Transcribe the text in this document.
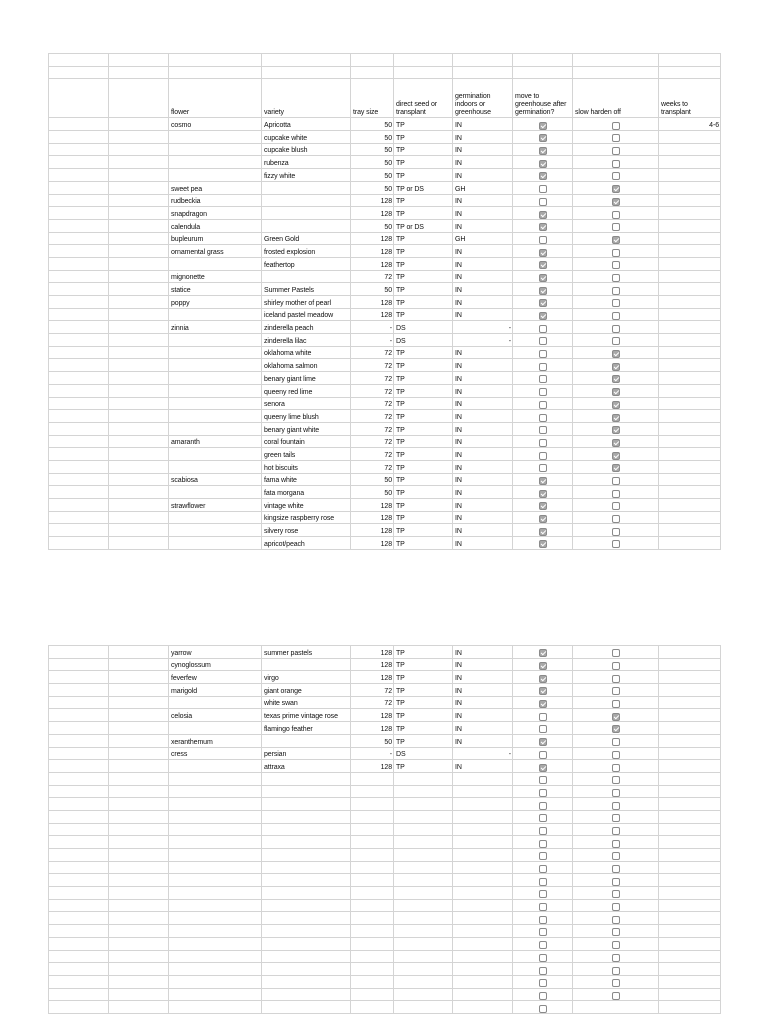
		flower	variety	tray size	direct seed or transplant	germination indoors or greenhouse	move to greenhouse after germination?	slow harden off	weeks to transplant
		cosmo	Apricotta	50	TP	IN			4-6
			cupcake white	50	TP	IN			
			cupcake blush	50	TP	IN			
			rubenza	50	TP	IN			
			fizzy white	50	TP	IN			
		sweet pea		50	TP or DS	GH			
		rudbeckia		128	TP	IN			
		snapdragon		128	TP	IN			
		calendula		50	TP or DS	IN			
		bupleurum	Green Gold	128	TP	GH			
		ornamental grass	frosted explosion	128	TP	IN			
			feathertop	128	TP	IN			
		mignonette		72	TP	IN			
		statice	Summer Pastels	50	TP	IN			
		poppy	shirley mother of pearl	128	TP	IN			
			iceland pastel meadow	128	TP	IN			
		zinnia	zinderella peach	-	DS	-			

			zinderella lilac	-	DS	-			

			oklahoma white	72	TP	IN			
			oklahoma salmon	72	TP	IN			
			benary giant lime	72	TP	IN			
			queeny red lime	72	TP	IN			
			senora	72	TP	IN			
			queeny lime blush	72	TP	IN			
			benary giant white	72	TP	IN			
		amaranth	coral fountain	72	TP	IN			
			green tails	72	TP	IN			
			hot biscuits	72	TP	IN			
		scabiosa	fama white	50	TP	IN			
			fata morgana	50	TP	IN			
		strawflower	vintage white	128	TP	IN			
			kingsize raspberry rose	128	TP	IN			
			silvery rose	128	TP	IN			
			apricot/peach	128	TP	IN			
		yarrow	summer pastels	128	TP	IN			
		cynoglossum		128	TP	IN			
		feverfew	virgo	128	TP	IN			
		marigold	giant orange	72	TP	IN			
			white swan	72	TP	IN			
		celosia	texas prime vintage rose	128	TP	IN			
			flamingo feather	128	TP	IN			
		xeranthemum		50	TP	IN			
		cress	persian	-	DS	-			

			attraxa	128	TP	IN			
